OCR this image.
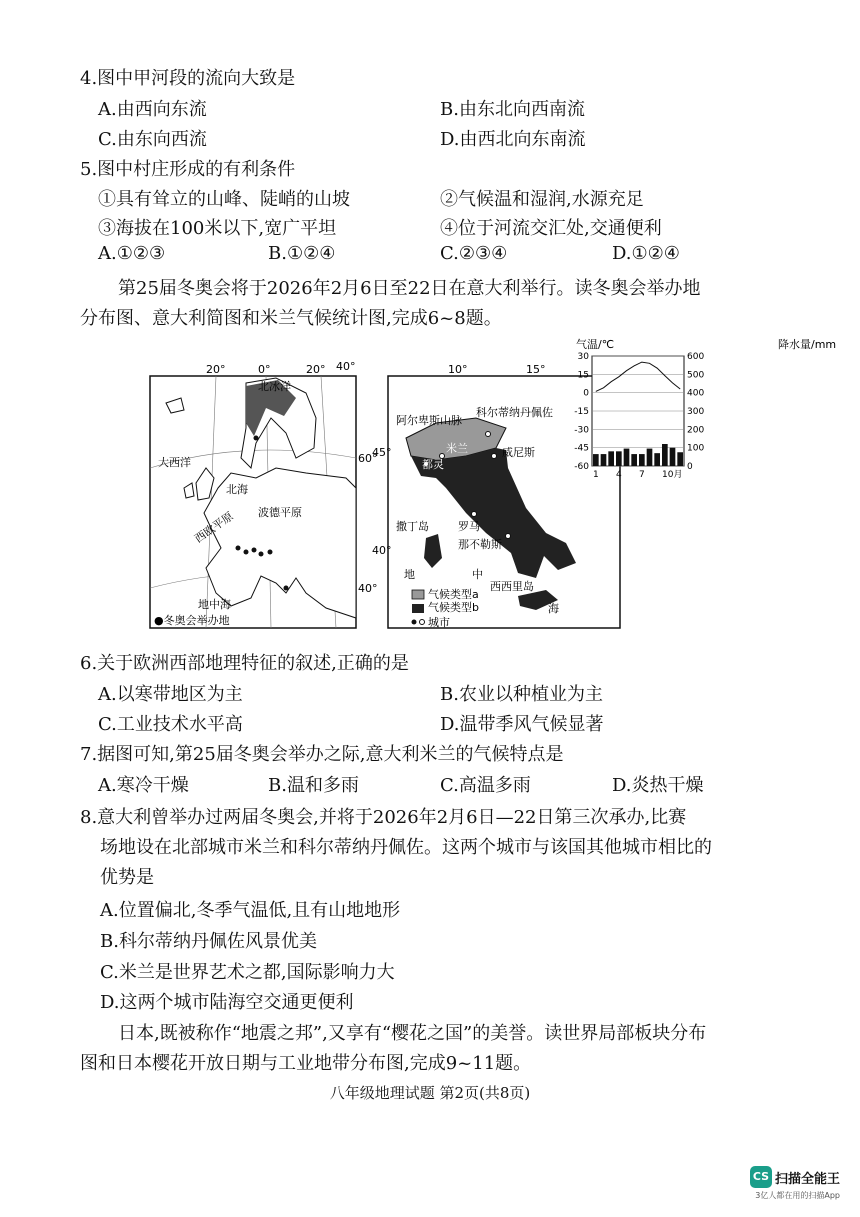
4.图中甲河段的流向大致是
A.由西向东流	B.由东北向西南流
C.由东向西流	D.由西北向东南流
5.图中村庄形成的有利条件
①具有耸立的山峰、陡峭的山坡	②气候温和湿润,水源充足
③海拔在100米以下,宽广平坦	④位于河流交汇处,交通便利
A.①②③	B.①②④	C.②③④	D.①②④
第25届冬奥会将于2026年2月6日至22日在意大利举行。读冬奥会举办地
分布图、意大利简图和米兰气候统计图,完成6~8题。
20°	0°	20° 40°
60°
40°
北冰洋
大西洋
北海
波德平原
西欧平原
地中海
●冬奥会举办地
10°	15°
45°
40°
阿尔卑斯山脉
科尔蒂纳丹佩佐
米兰
都灵
威尼斯
撒丁岛	罗马
那不勒斯
地	中
西西里岛
海
气候类型a
气候类型b
城市
气温/℃	降水量/mm
30
15
0
-15
-30
-45
-60
600
500
400
300
200
100
0
1 4 7 10月
6.关于欧洲西部地理特征的叙述,正确的是
A.以寒带地区为主	B.农业以种植业为主
C.工业技术水平高	D.温带季风气候显著
7.据图可知,第25届冬奥会举办之际,意大利米兰的气候特点是
A.寒冷干燥	B.温和多雨	C.高温多雨	D.炎热干燥
8.意大利曾举办过两届冬奥会,并将于2026年2月6日—22日第三次承办,比赛
场地设在北部城市米兰和科尔蒂纳丹佩佐。这两个城市与该国其他城市相比的
优势是
A.位置偏北,冬季气温低,且有山地地形
B.科尔蒂纳丹佩佐风景优美
C.米兰是世界艺术之都,国际影响力大
D.这两个城市陆海空交通更便利
日本,既被称作“地震之邦”,又享有“樱花之国”的美誉。读世界局部板块分布
图和日本樱花开放日期与工业地带分布图,完成9~11题。
八年级地理试题 第2页(共8页)
CS 扫描全能王
3亿人都在用的扫描App
